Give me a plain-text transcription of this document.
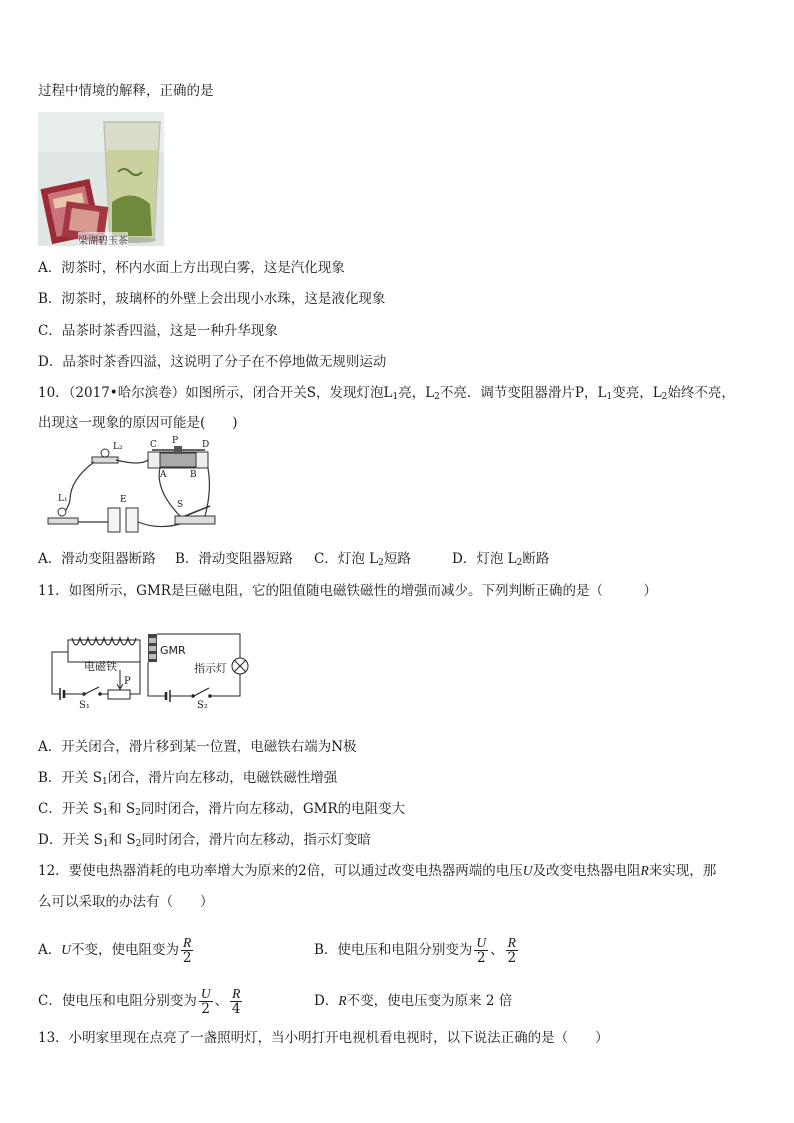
过程中情境的解释，正确的是
梁湖碧玉茶
A．沏茶时，杯内水面上方出现白雾，这是汽化现象
B．沏茶时，玻璃杯的外壁上会出现小水珠，这是液化现象
C．品茶时茶香四溢，这是一种升华现象
D．品茶时茶香四溢，这说明了分子在不停地做无规则运动
10．（2017•哈尔滨卷）如图所示，闭合开关S，发现灯泡$L_1$亮，$L_2$不亮．调节变阻器滑片P，$L_1$变亮，$L_2$始终不亮，
出现这一现象的原因可能是(　　)
L₂
L₁
C P	D
A	B
E	S
A．滑动变阻器断路 B．滑动变阻器短路 C．灯泡 $L_2$短路	D．灯泡 $L_2$断路
11．如图所示，GMR是巨磁电阻，它的阻值随电磁铁磁性的增强而减少。下列判断正确的是（　　　）
电磁铁
GMR
指示灯
P
S₁	S₂
A．开关闭合，滑片移到某一位置，电磁铁右端为N极
B．开关 $S_1$闭合，滑片向左移动，电磁铁磁性增强
C．开关 $S_1$和 $S_2$同时闭合，滑片向左移动，GMR的电阻变大
D．开关 $S_1$和 $S_2$同时闭合，滑片向左移动，指示灯变暗
12．要使电热器消耗的电功率增大为原来的2倍，可以通过改变电热器两端的电压U及改变电热器电阻R来实现，那
么可以采取的办法有（　　）
A．U不变，使电阻变为 $\frac{R}{2}$	B．使电压和电阻分别变为 $\frac{U}{2}$ 、 $\frac{R}{2}$
C．使电压和电阻分别变为 $\frac{U}{2}$ 、 $\frac{R}{4}$	D．R不变，使电压变为原来 2 倍
13．小明家里现在点亮了一盏照明灯，当小明打开电视机看电视时，以下说法正确的是（　　）
